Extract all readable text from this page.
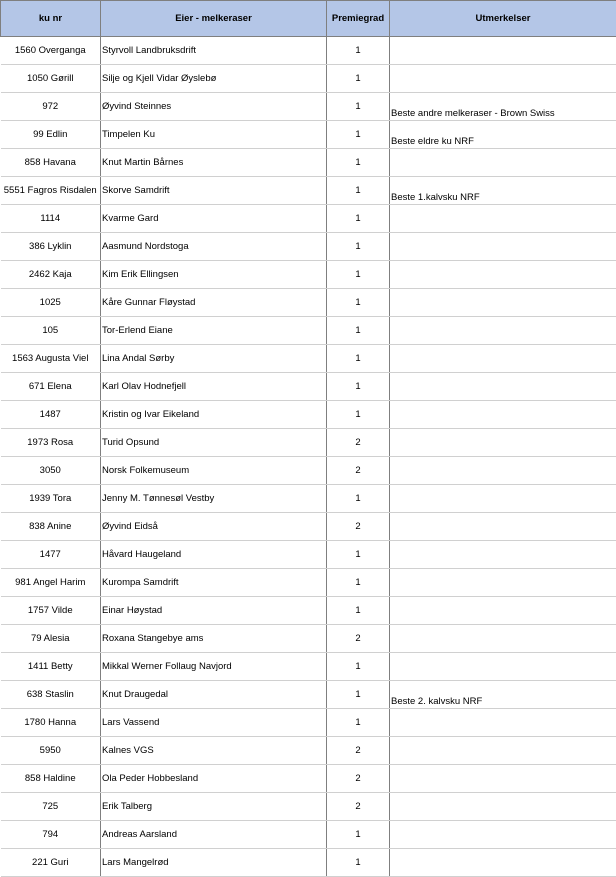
ku nr	Eier - melkeraser	Premiegrad	Utmerkelser
1560 Overganga	Styrvoll Landbruksdrift	1	
1050 Gørill	Silje og Kjell Vidar Øyslebø	1	
972	Øyvind Steinnes	1	Beste andre melkeraser - Brown Swiss
99 Edlin	Timpelen Ku	1	Beste eldre ku NRF
858 Havana	Knut Martin Bårnes	1	
5551 Fagros Risdalen	Skorve Samdrift	1	Beste 1.kalvsku NRF
1114	Kvarme Gard	1	
386 Lyklin	Aasmund Nordstoga	1	
2462 Kaja	Kim Erik Ellingsen	1	
1025	Kåre Gunnar Fløystad	1	
105	Tor-Erlend Eiane	1	
1563 Augusta Viel	Lina Andal Sørby	1	
671 Elena	Karl Olav Hodnefjell	1	
1487	Kristin og Ivar Eikeland	1	
1973 Rosa	Turid Opsund	2	
3050	Norsk Folkemuseum	2	
1939 Tora	Jenny M. Tønnesøl Vestby	1	
838 Anine	Øyvind Eidså	2	
1477	Håvard Haugeland	1	
981 Angel Harim	Kurompa Samdrift	1	
1757 Vilde	Einar Høystad	1	
79 Alesia	Roxana Stangebye ams	2	
1411 Betty	Mikkal Werner Follaug Navjord	1	
638 Staslin	Knut Draugedal	1	Beste 2. kalvsku NRF
1780 Hanna	Lars Vassend	1	
5950	Kalnes VGS	2	
858 Haldine	Ola Peder Hobbesland	2	
725	Erik Talberg	2	
794	Andreas Aarsland	1	
221 Guri	Lars Mangelrød	1	
